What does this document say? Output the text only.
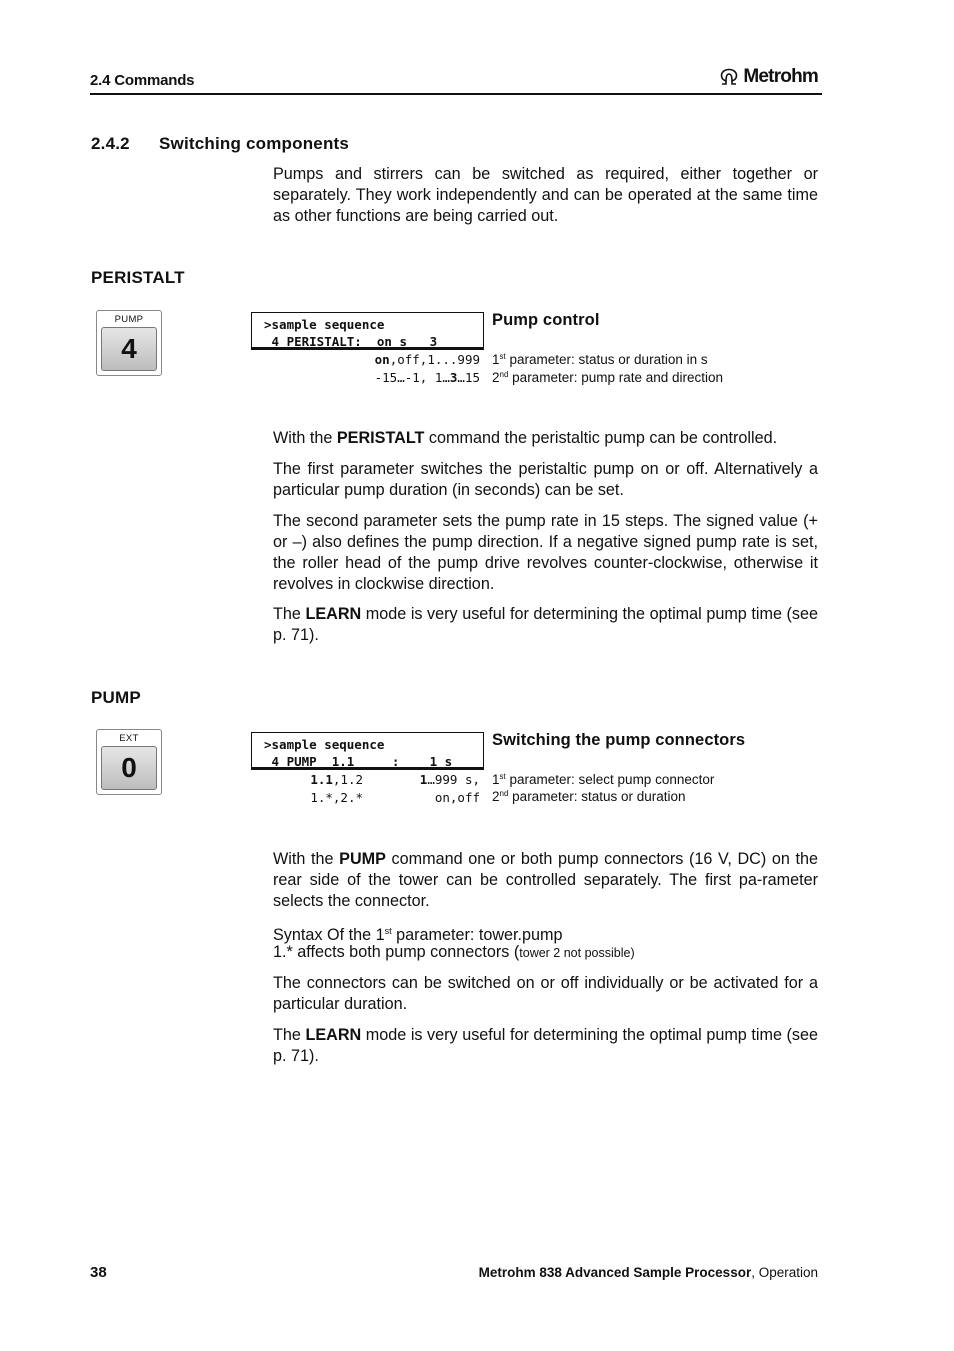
2.4 Commands	Metrohm
2.4.2 Switching components
Pumps and stirrers can be switched as required, either together or separately. They work independently and can be operated at the same time as other functions are being carried out.
PERISTALT
PUMP
4
>sample sequence
4 PERISTALT:  on s   3
on,off,1...999
-15…-1, 1…3…15
Pump control
1st parameter: status or duration in s
2nd parameter: pump rate and direction
With the PERISTALT command the peristaltic pump can be controlled.
The first parameter switches the peristaltic pump on or off. Alternatively a particular pump duration (in seconds) can be set.
The second parameter sets the pump rate in 15 steps. The signed value (+ or –) also defines the pump direction. If a negative signed pump rate is set, the roller head of the pump drive revolves counter-clockwise, otherwise it revolves in clockwise direction.
The LEARN mode is very useful for determining the optimal pump time (see p. 71).
PUMP
EXT
0
>sample sequence
4 PUMP  1.1     :    1 s
1.1,1.2
1.*,2.*
1…999 s,
on,off
Switching the pump connectors
1st parameter: select pump connector
2nd parameter: status or duration
With the PUMP command one or both pump connectors (16 V, DC) on the rear side of the tower can be controlled separately. The first pa-rameter selects the connector.
Syntax Of the 1st parameter: tower.pump
1.* affects both pump connectors (tower 2 not possible)
The connectors can be switched on or off individually or be activated for a particular duration.
The LEARN mode is very useful for determining the optimal pump time (see p. 71).
38	Metrohm 838 Advanced Sample Processor, Operation
